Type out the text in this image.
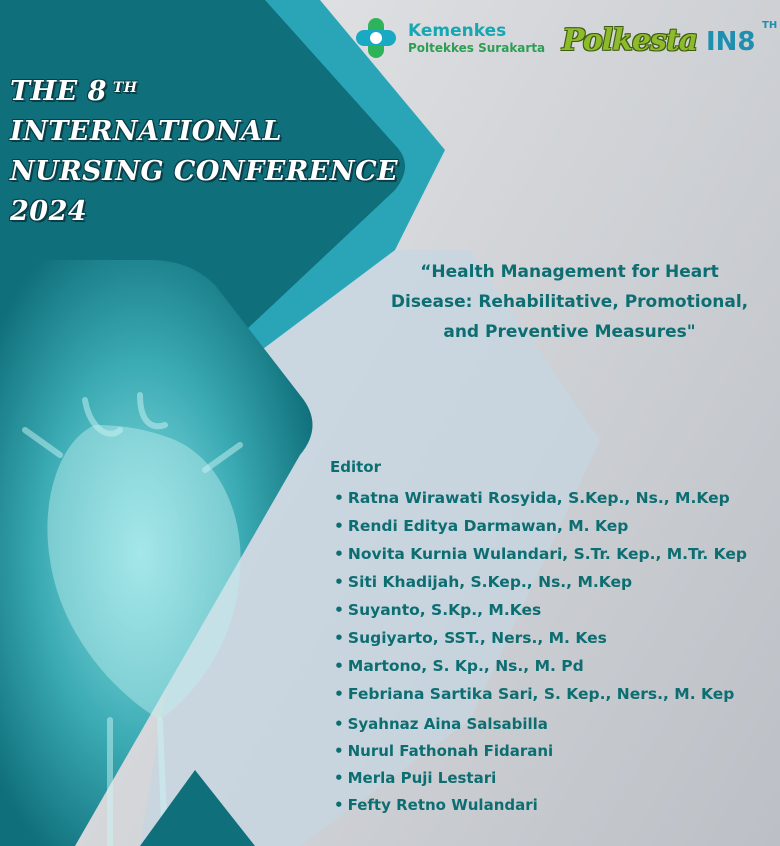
Kemenkes
Poltekkes Surakarta Polkesta IN8
TH
THE 8 $^{TH}$
INTERNATIONAL
NURSING CONFERENCE
2024

“Health Management for Heart
Disease: Rehabilitative, Promotional,
and Preventive Measures"

Editor
• Ratna Wirawati Rosyida, S.Kep., Ns., M.Kep
• Rendi Editya Darmawan, M. Kep
• Novita Kurnia Wulandari, S.Tr. Kep., M.Tr. Kep
• Siti Khadijah, S.Kep., Ns., M.Kep
• Suyanto, S.Kp., M.Kes
• Sugiyarto, SST., Ners., M. Kes
• Martono, S. Kp., Ns., M. Pd
• Febriana Sartika Sari, S. Kep., Ners., M. Kep
• Syahnaz Aina Salsabilla
• Nurul Fathonah Fidarani
• Merla Puji Lestari
• Fefty Retno Wulandari
